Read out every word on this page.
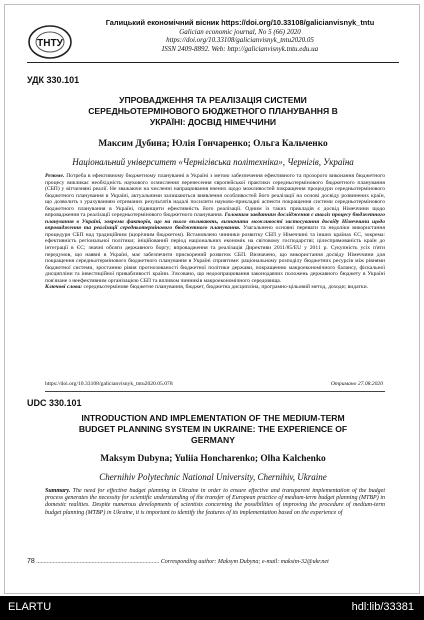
ТНТУ
Галицький економічний вісник https://doi.org/10.33108/galicianvisnyk_tntu
Galician economic journal, No 5 (66) 2020
https://doi.org/10.33108/galicianvisnyk_tntu2020.05
ISSN 2409-8892. Web: http://galicianvisnyk.tntu.edu.ua
УДК 330.101
УПРОВАДЖЕННЯ ТА РЕАЛІЗАЦІЯ СИСТЕМИ
СЕРЕДНЬОТЕРМІНОВОГО БЮДЖЕТНОГО ПЛАНУВАННЯ В
УКРАЇНІ: ДОСВІД НІМЕЧЧИНИ
Максим Дубина; Юлія Гончаренко; Ольга Кальченко
Національний університет «Чернігівська політехніка», Чернігів, Україна

Резюме. Потреба в ефективному бюджетному плануванні в Україні з метою забезпечення ефективного та прозорого виконання бюджетного процесу викликає необхідність наукового осмислення перенесення європейської практики середньотермінового бюджетного планування (СБП) у вітчизняні реалії. Не зважаючи на численні напрацювання вчених щодо можливостей покращення процедури середньотермінового бюджетного планування в Україні, актуальними залишаються виявлення особливостей його реалізації на основі досвіду розвинених країн, що дозволить з урахуванням отриманих результатів надалі посилити науково-прикладні аспекти покращення системи середньотермінового бюджетного планування в Україні, підвищити ефективність його реалізації. Одним із таких прикладів є досвід Німеччини щодо впровадження та реалізації середньотермінового бюджетного планування. Головним завданням дослідження є аналіз процесу бюджетного планування в Україні, зокрема факторів, що на нього впливають, визначити можливості застосування досвіду Німеччини щодо впровадження та реалізації середньотермінового бюджетного планування. Узагальнено основні переваги та недоліки використання процедури СБП над традиційним (щорічним бюджетом). Встановлено чинники розвитку СБП у Німеччині та інших країнах ЄС, зокрема: ефективність регіональної політики; ініційований період національних економік на світовому господарстві; цілеспрямованість країн до інтеграції в ЄС; значні обсяги державного боргу; впровадження та реалізація Директиви 2011/85/EU у 2011 р. Сукупність усіх п'яти передумов, що наявні в Україні, має забезпечити прискорений розвиток СБП. Визначено, що використання досвіду Німеччини для покращення середньотермінового бюджетного планування в Україні сприятиме: раціональному розподілу бюджетних ресурсів між рівнями бюджетної системи, зростанню рівня прогнозованості бюджетної політики держави, покращенню макроекономічного балансу, фіскальної дисципліни та інвестиційної привабливості країни. З'ясовано, що недоопрацювання законодавчих положень державного бюджету в Україні пов'язане з неефективним організацією СБП та впливом чинників макроекономічного середовища.

Ключові слова: середньотермінове бюджетне планування, бюджет, бюджетна дисципліна, програмно-цільовий метод, доходи; видатки.

https://doi.org/10.33108/galicianvisnyk_tntu2020.05.078	Отримано 27.08.2020
UDC 330.101
INTRODUCTION AND IMPLEMENTATION OF THE MEDIUM-TERM
BUDGET PLANNING SYSTEM IN UKRAINE: THE EXPERIENCE OF
GERMANY
Maksym Dubyna; Yuliia Honcharenko; Olha Kalchenko
Chernihiv Polytechnic National University, Chernihiv, Ukraine
Summary. The need for effective budget planning in Ukraine in order to ensure effective and transparent implementation of the budget process generates the necessity for scientific understanding of the transfer of European practice of medium-term budget planning (MTBP) in domestic realities. Despite numerous developments of scientists concerning the possibilities of improving the procedure of medium-term budget planning (MTBP) in Ukraine, it is important to identify the features of its implementation based on the experience of
78 .................................................................................. Corresponding author: Maksym Dubyna; e-mail: maksim-32@ukr.net
ELARTU	hdl:lib/33381
